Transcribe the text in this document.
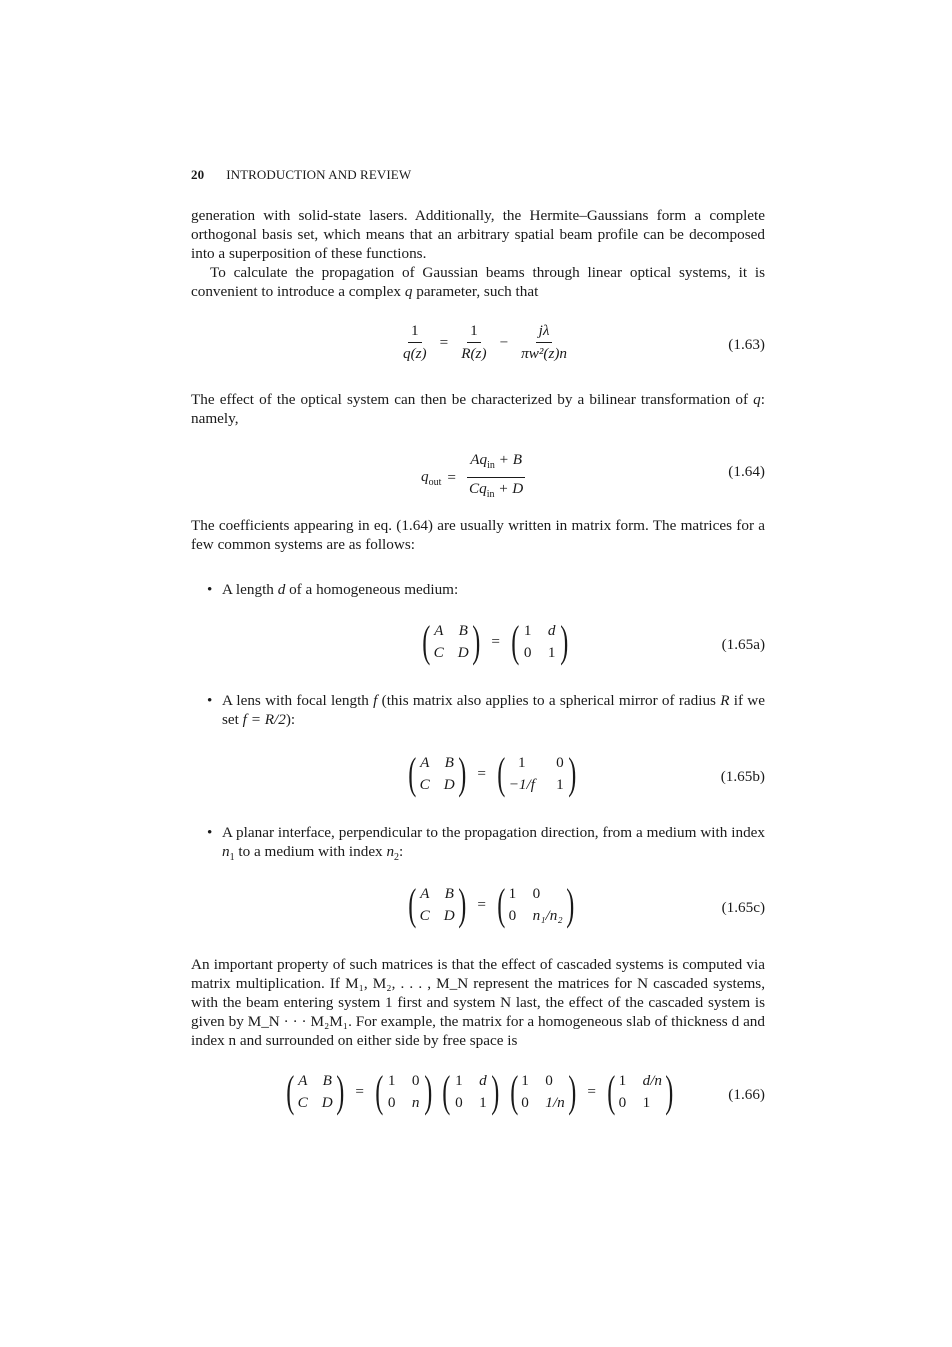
20 INTRODUCTION AND REVIEW

generation with solid-state lasers. Additionally, the Hermite–Gaussians form a complete orthogonal basis set, which means that an arbitrary spatial beam profile can be decomposed into a superposition of these functions.

To calculate the propagation of Gaussian beams through linear optical systems, it is convenient to introduce a complex q parameter, such that

$\frac{1}{q(z)} = \frac{1}{R(z)} - \frac{j\lambda}{\text{πw²(z)n}}$	(1.63)

The effect of the optical system can then be characterized by a bilinear transformation of q: namely,

$q_{out} = \frac{Aq_{in} + B}{Cq_{in} + D}$	(1.64)

The coefficients appearing in eq. (1.64) are usually written in matrix form. The matrices for a few common systems are as follows:

• A length d of a homogeneous medium:
( A B
C D ) = ( 1 d
0 1 )	(1.65a)
• A lens with focal length f (this matrix also applies to a spherical mirror of radius R if we set f = R/2):
( A B
C D ) = ( 1	0
−1/f 1 )	(1.65b)
• A planar interface, perpendicular to the propagation direction, from a medium with index $n_1$ to a medium with index $n_2$:
( A B
C D ) = ( 1 0
0 n₁/n₂ )	(1.65c)

An important property of such matrices is that the effect of cascaded systems is computed via matrix multiplication. If M₁, M₂, . . . , M_N represent the matrices for N cascaded systems, with the beam entering system 1 first and system N last, the effect of the cascaded system is given by M_N · · · M₂M₁. For example, the matrix for a homogeneous slab of thickness d and index n and surrounded on either side by free space is

( A B
C D ) = ( 1 0
0 n ) ( 1 d
0 1 ) ( 1 0
0 1/n ) = ( 1 d/n
0 1 )	(1.66)
